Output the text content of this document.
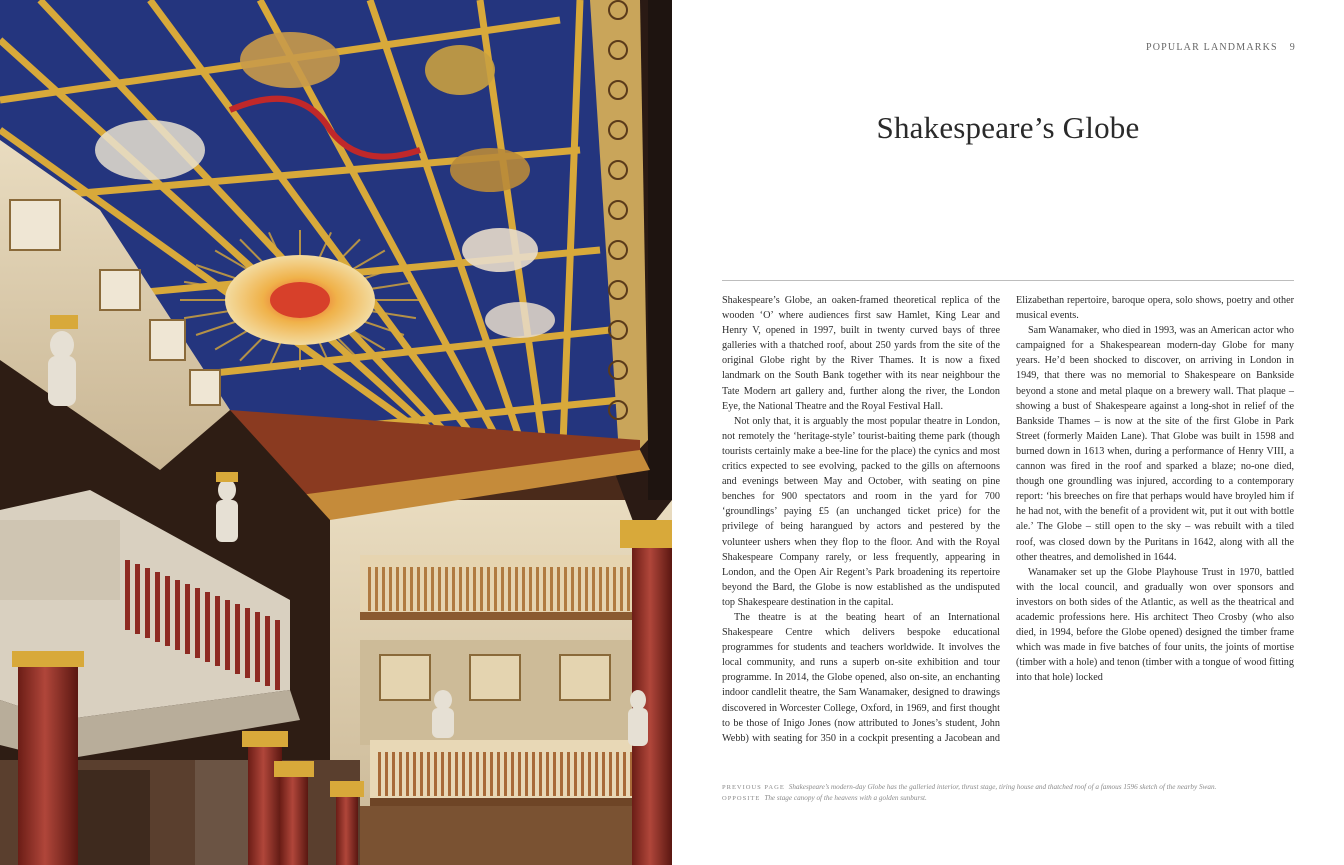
POPULAR LANDMARKS 9
Shakespeare’s Globe

Shakespeare’s Globe, an oaken-framed theoretical replica of the wooden ‘O’ where audiences first saw Hamlet, King Lear and Henry V, opened in 1997, built in twenty curved bays of three galleries with a thatched roof, about 250 yards from the site of the original Globe right by the River Thames. It is now a fixed landmark on the South Bank together with its near neighbour the Tate Modern art gallery and, further along the river, the London Eye, the National Theatre and the Royal Festival Hall.

Not only that, it is arguably the most popular theatre in London, not remotely the ‘heritage-style’ tourist-baiting theme park (though tourists certainly make a bee-line for the place) the cynics and most critics expected to see evolving, packed to the gills on afternoons and evenings between May and October, with seating on pine benches for 900 spectators and room in the yard for 700 ‘groundlings’ paying £5 (an unchanged ticket price) for the privilege of being harangued by actors and pestered by the volunteer ushers when they flop to the floor. And with the Royal Shakespeare Company rarely, or less frequently, appearing in London, and the Open Air Regent’s Park broadening its repertoire beyond the Bard, the Globe is now established as the undisputed top Shakespeare destination in the capital.

The theatre is at the beating heart of an International Shakespeare Centre which delivers bespoke educational programmes for students and teachers worldwide. It involves the local community, and runs a superb on-site exhibition and tour programme. In 2014, the Globe opened, also on-site, an enchanting indoor candlelit theatre, the Sam Wanamaker, designed to drawings discovered in Worcester College, Oxford, in 1969, and first thought to be those of Inigo Jones (now attributed to Jones’s student, John Webb) with seating for 350 in a cockpit presenting a Jacobean and Elizabethan repertoire, baroque opera, solo shows, poetry and other musical events.

Sam Wanamaker, who died in 1993, was an American actor who campaigned for a Shakespearean modern-day Globe for many years. He’d been shocked to discover, on arriving in London in 1949, that there was no memorial to Shakespeare on Bankside beyond a stone and metal plaque on a brewery wall. That plaque – showing a bust of Shakespeare against a long-shot in relief of the Bankside Thames – is now at the site of the first Globe in Park Street (formerly Maiden Lane). That Globe was built in 1598 and burned down in 1613 when, during a performance of Henry VIII, a cannon was fired in the roof and sparked a blaze; no-one died, though one groundling was injured, according to a contemporary report: ‘his breeches on fire that perhaps would have broyled him if he had not, with the benefit of a provident wit, put it out with bottle ale.’ The Globe – still open to the sky – was rebuilt with a tiled roof, was closed down by the Puritans in 1642, along with all the other theatres, and demolished in 1644.

Wanamaker set up the Globe Playhouse Trust in 1970, battled with the local council, and gradually won over sponsors and investors on both sides of the Atlantic, as well as the theatrical and academic professions here. His architect Theo Crosby (who also died, in 1994, before the Globe opened) designed the timber frame which was made in five batches of four units, the joints of mortise (timber with a hole) and tenon (timber with a tongue of wood fitting into that hole) locked

PREVIOUS PAGE Shakespeare’s modern-day Globe has the galleried interior, thrust stage, tiring house and thatched roof of a famous 1596 sketch of the nearby Swan.
OPPOSITE The stage canopy of the heavens with a golden sunburst.
